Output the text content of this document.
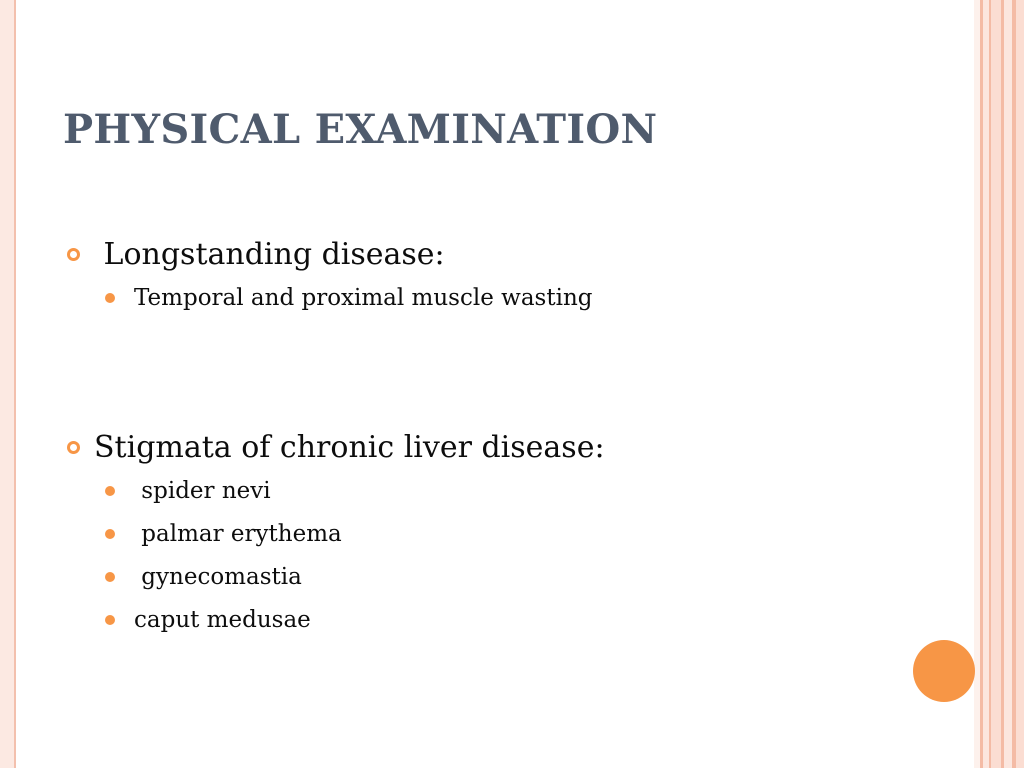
PHYSICAL EXAMINATION
Longstanding disease:
Temporal and proximal muscle wasting
Stigmata of chronic liver disease:
spider nevi
palmar erythema
gynecomastia
caput medusae
